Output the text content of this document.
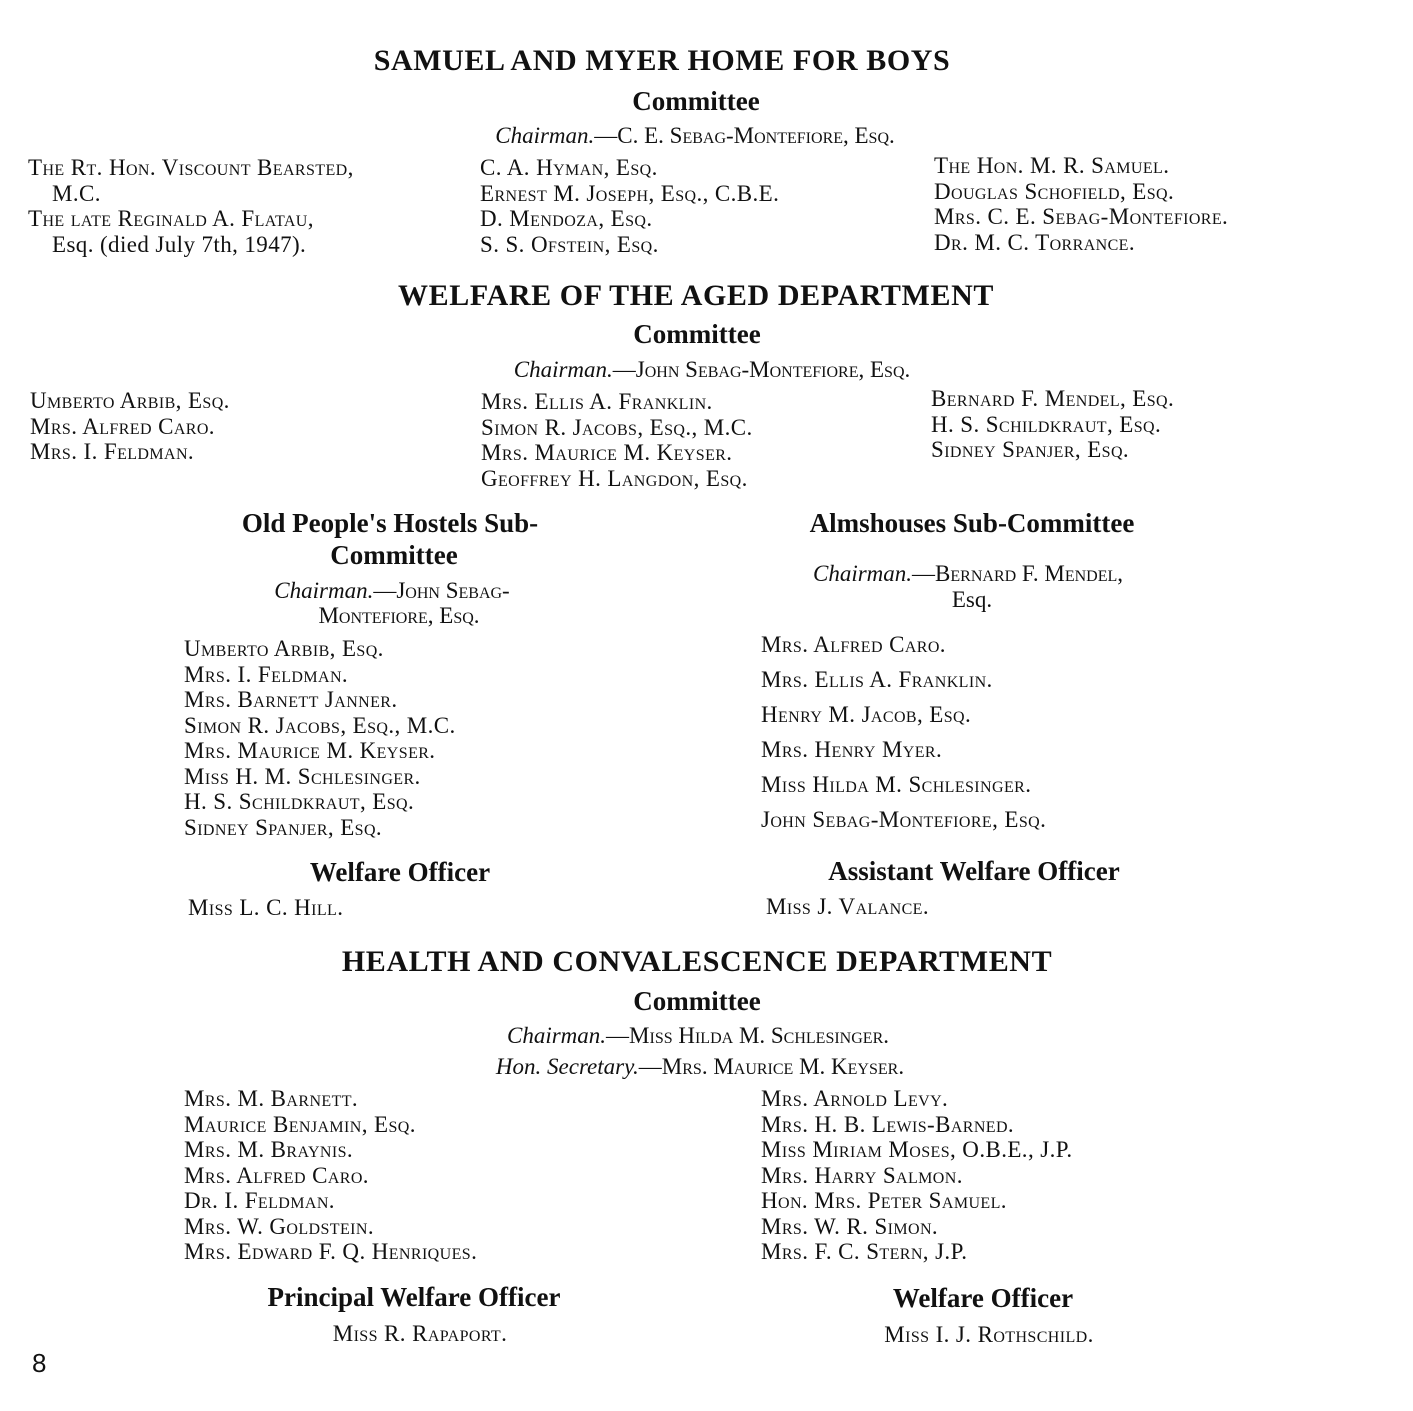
SAMUEL AND MYER HOME FOR BOYS
Committee
Chairman.—C. E. Sebag-Montefiore, Esq.
The Rt. Hon. Viscount Bearsted,
M.C.
The late Reginald A. Flatau,
Esq. (died July 7th, 1947).
C. A. Hyman, Esq.
Ernest M. Joseph, Esq., C.B.E.
D. Mendoza, Esq.
S. S. Ofstein, Esq.
The Hon. M. R. Samuel.
Douglas Schofield, Esq.
Mrs. C. E. Sebag-Montefiore.
Dr. M. C. Torrance.
WELFARE OF THE AGED DEPARTMENT
Committee
Chairman.—John Sebag-Montefiore, Esq.
Umberto Arbib, Esq.
Mrs. Alfred Caro.
Mrs. I. Feldman.
Mrs. Ellis A. Franklin.
Simon R. Jacobs, Esq., M.C.
Mrs. Maurice M. Keyser.
Geoffrey H. Langdon, Esq.
Bernard F. Mendel, Esq.
H. S. Schildkraut, Esq.
Sidney Spanjer, Esq.
Old People's Hostels Sub-
Committee
Chairman.—John Sebag-
Montefiore, Esq.
Umberto Arbib, Esq.
Mrs. I. Feldman.
Mrs. Barnett Janner.
Simon R. Jacobs, Esq., M.C.
Mrs. Maurice M. Keyser.
Miss H. M. Schlesinger.
H. S. Schildkraut, Esq.
Sidney Spanjer, Esq.
Welfare Officer
Miss L. C. Hill.
Almshouses Sub-Committee
Chairman.—Bernard F. Mendel,
Esq.
Mrs. Alfred Caro.
Mrs. Ellis A. Franklin.
Henry M. Jacob, Esq.
Mrs. Henry Myer.
Miss Hilda M. Schlesinger.
John Sebag-Montefiore, Esq.
Assistant Welfare Officer
Miss J. Valance.
HEALTH AND CONVALESCENCE DEPARTMENT
Committee
Chairman.—Miss Hilda M. Schlesinger.
Hon. Secretary.—Mrs. Maurice M. Keyser.
Mrs. M. Barnett.
Maurice Benjamin, Esq.
Mrs. M. Braynis.
Mrs. Alfred Caro.
Dr. I. Feldman.
Mrs. W. Goldstein.
Mrs. Edward F. Q. Henriques.
Mrs. Arnold Levy.
Mrs. H. B. Lewis-Barned.
Miss Miriam Moses, O.B.E., J.P.
Mrs. Harry Salmon.
Hon. Mrs. Peter Samuel.
Mrs. W. R. Simon.
Mrs. F. C. Stern, J.P.
Principal Welfare Officer
Miss R. Rapaport.
Welfare Officer
Miss I. J. Rothschild.
8
